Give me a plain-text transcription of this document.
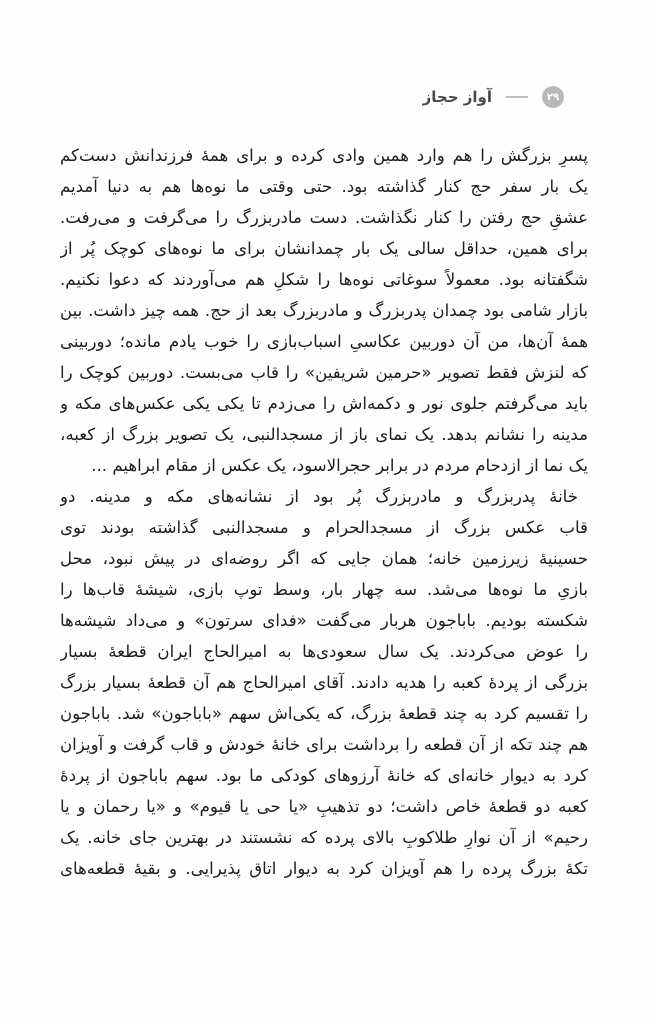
۲۹
آواز حجاز
پسرِ بزرگش را هم وارد همین وادی کرده و برای همهٔ فرزندانش دست‌کم
یک بار سفر حج کنار گذاشته بود. حتی وقتی ما نوه‌ها هم به دنیا آمدیم
عشقِ حج رفتن را کنار نگذاشت. دست مادربزرگ را می‌گرفت و می‌رفت.
برای همین، حداقل سالی یک بار چمدانشان برای ما نوه‌های کوچک پُر از
شگفتانه بود. معمولاً سوغاتی نوه‌ها را شکلِ هم می‌آوردند که دعوا نکنیم.
بازار شامی بود چمدان پدربزرگ و مادربزرگ بعد از حج. همه چیز داشت. بین
همهٔ آن‌ها، من آن دوربین عکاسیِ اسباب‌بازی را خوب یادم مانده؛ دوربینی
که لنزش فقط تصویر «حرمین شریفین» را قاب می‌بست. دوربین کوچک را
باید می‌گرفتم جلوی نور و دکمه‌اش را می‌زدم تا یکی یکی عکس‌های مکه و
مدینه را نشانم بدهد. یک نمای باز از مسجدالنبی، یک تصویر بزرگ از کعبه،
یک نما از ازدحام مردم در برابر حجرالاسود، یک عکس از مقام ابراهیم ...
خانهٔ پدربزرگ و مادربزرگ پُر بود از نشانه‌های مکه و مدینه. دو
قاب عکس بزرگ از مسجدالحرام و مسجدالنبی گذاشته بودند توی
حسینیهٔ زیرزمین خانه؛ همان جایی که اگر روضه‌ای در پیش نبود، محل
بازیِ ما نوه‌ها می‌شد. سه چهار بار، وسط توپ بازی، شیشهٔ قاب‌ها را
شکسته بودیم. باباجون هربار می‌گفت «فدای سرتون» و می‌داد شیشه‌ها
را عوض می‌کردند. یک سال سعودی‌ها به امیرالحاج ایران قطعهٔ بسیار
بزرگی از پردهٔ کعبه را هدیه دادند. آقای امیرالحاج هم آن قطعهٔ بسیار بزرگ
را تقسیم کرد به چند قطعهٔ بزرگ، که یکی‌اش سهم «باباجون» شد. باباجون
هم چند تکه از آن قطعه را برداشت برای خانهٔ خودش و قاب گرفت و آویزان
کرد به دیوار خانه‌ای که خانهٔ آرزوهای کودکی ما بود. سهم باباجون از پردهٔ
کعبه دو قطعهٔ خاص داشت؛ دو تذهیبِ «یا حی یا قیوم» و «یا رحمان و یا
رحیم» از آن نوارِ طلاکوبِ بالای پرده که نشستند در بهترین جای خانه. یک
تکهٔ بزرگ پرده را هم آویزان کرد به دیوار اتاق پذیرایی. و بقیهٔ قطعه‌های
